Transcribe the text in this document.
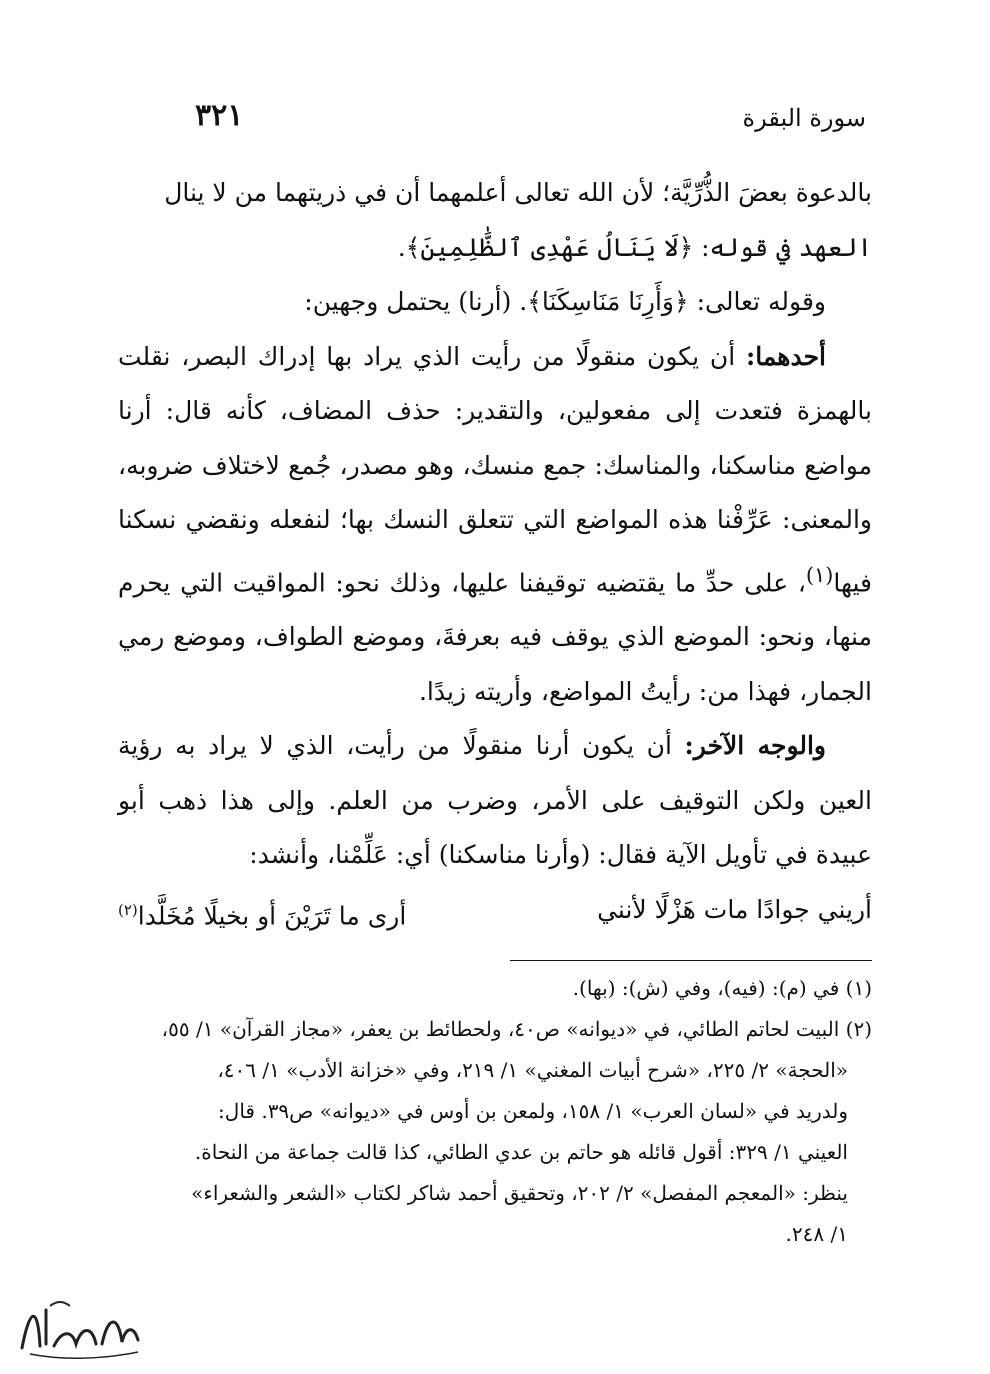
٣٢١	سورة البقرة

بالدعوة بعضَ الذُّرِّيَّة؛ لأن الله تعالى أعلمهما أن في ذريتهما من لا ينال

العهد في قوله: ﴿لَا يَنَالُ عَهْدِى ٱلظَّٰلِمِينَ﴾.

وقوله تعالى: ﴿وَأَرِنَا مَنَاسِكَنَا﴾. (أرنا) يحتمل وجهين:

أحدهما: أن يكون منقولًا من رأيت الذي يراد بها إدراك البصر، نقلت بالهمزة فتعدت إلى مفعولين، والتقدير: حذف المضاف، كأنه قال: أرنا مواضع مناسكنا، والمناسك: جمع منسك، وهو مصدر، جُمع لاختلاف ضروبه، والمعنى: عَرِّفْنا هذه المواضع التي تتعلق النسك بها؛ لنفعله ونقضي نسكنا فيها$^{(١)}$، على حدِّ ما يقتضيه توقيفنا عليها، وذلك نحو: المواقيت التي يحرم منها، ونحو: الموضع الذي يوقف فيه بعرفةَ، وموضع الطواف، وموضع رمي الجمار، فهذا من: رأيتُ المواضع، وأريته زيدًا.

والوجه الآخر: أن يكون أرنا منقولًا من رأيت، الذي لا يراد به رؤية العين ولكن التوقيف على الأمر، وضرب من العلم. وإلى هذا ذهب أبو عبيدة في تأويل الآية فقال: (وأرنا مناسكنا) أي: عَلِّمْنا، وأنشد:

أريني جوادًا مات هَزْلًا لأنني
أرى ما تَرَيْنَ أو بخيلًا مُخَلَّدا$^{(٢)}$

(١) في (م): (فيه)، وفي (ش): (بها).

(٢) البيت لحاتم الطائي، في «ديوانه» ص٤٠، ولحطائط بن يعفر، «مجاز القرآن» ١/ ٥٥،

«الحجة» ٢/ ٢٢٥، «شرح أبيات المغني» ١/ ٢١٩، وفي «خزانة الأدب» ١/ ٤٠٦،

ولدريد في «لسان العرب» ١/ ١٥٨، ولمعن بن أوس في «ديوانه» ص٣٩. قال:

العيني ١/ ٣٢٩: أقول قائله هو حاتم بن عدي الطائي، كذا قالت جماعة من النحاة.

ينظر: «المعجم المفصل» ٢/ ٢٠٢، وتحقيق أحمد شاكر لكتاب «الشعر والشعراء»

١/ ٢٤٨.
